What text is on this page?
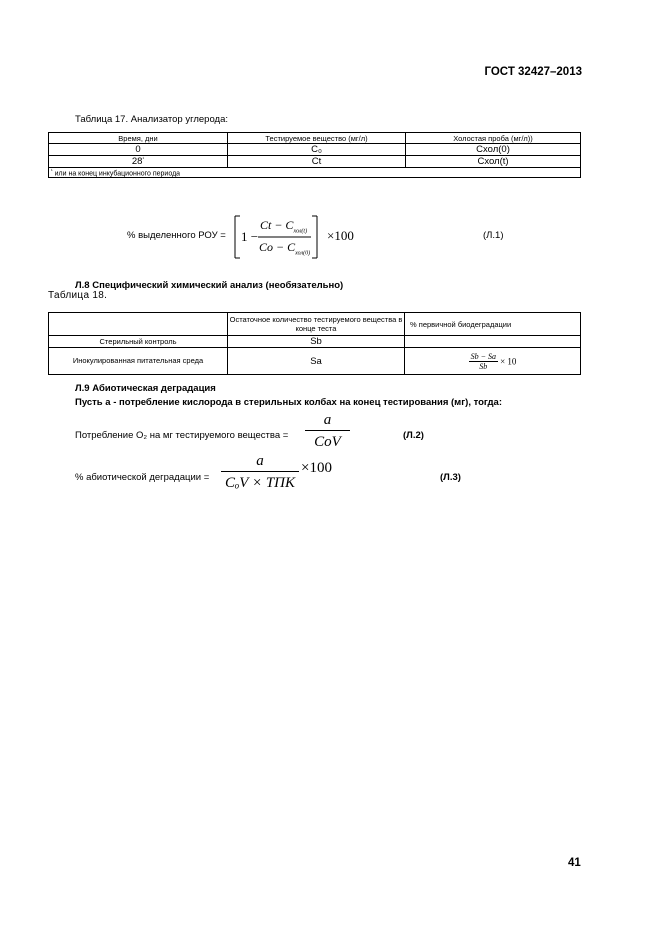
ГОСТ 32427–2013
Таблица 17. Анализатор углерода:
Время, дни	Тестируемое вещество (мг/л)	Холостая проба (мг/л))
0	C₀	Cхол(0)
$28^{^1}$	Ct	Cхол(t)
$^{^1}$ или на конец инкубационного периода		
% выделенного РОУ = 1 −
$Ct - C_{хол(t)}$
$Co - C_{хол(0)}$
×100	(Л.1)
Л.8 Специфический химический анализ (необязательно)
Таблица 18.
	Остаточное количество тестируемого вещества в конце теста	% первичной биодеградации
Стерильный контроль	Sb	
Инокулированная питательная среда	Sa	$\frac{Sb - Sa}{Sb} \times 10$
Л.9 Абиотическая деградация
Пусть а - потребление кислорода в стерильных колбах на конец тестирования (мг), тогда:
Потребление O₂ на мг тестируемого вещества =
a
CoV	(Л.2)
% абиотической деградации =
a
CₒV × ТПК
×100
(Л.3)
41
